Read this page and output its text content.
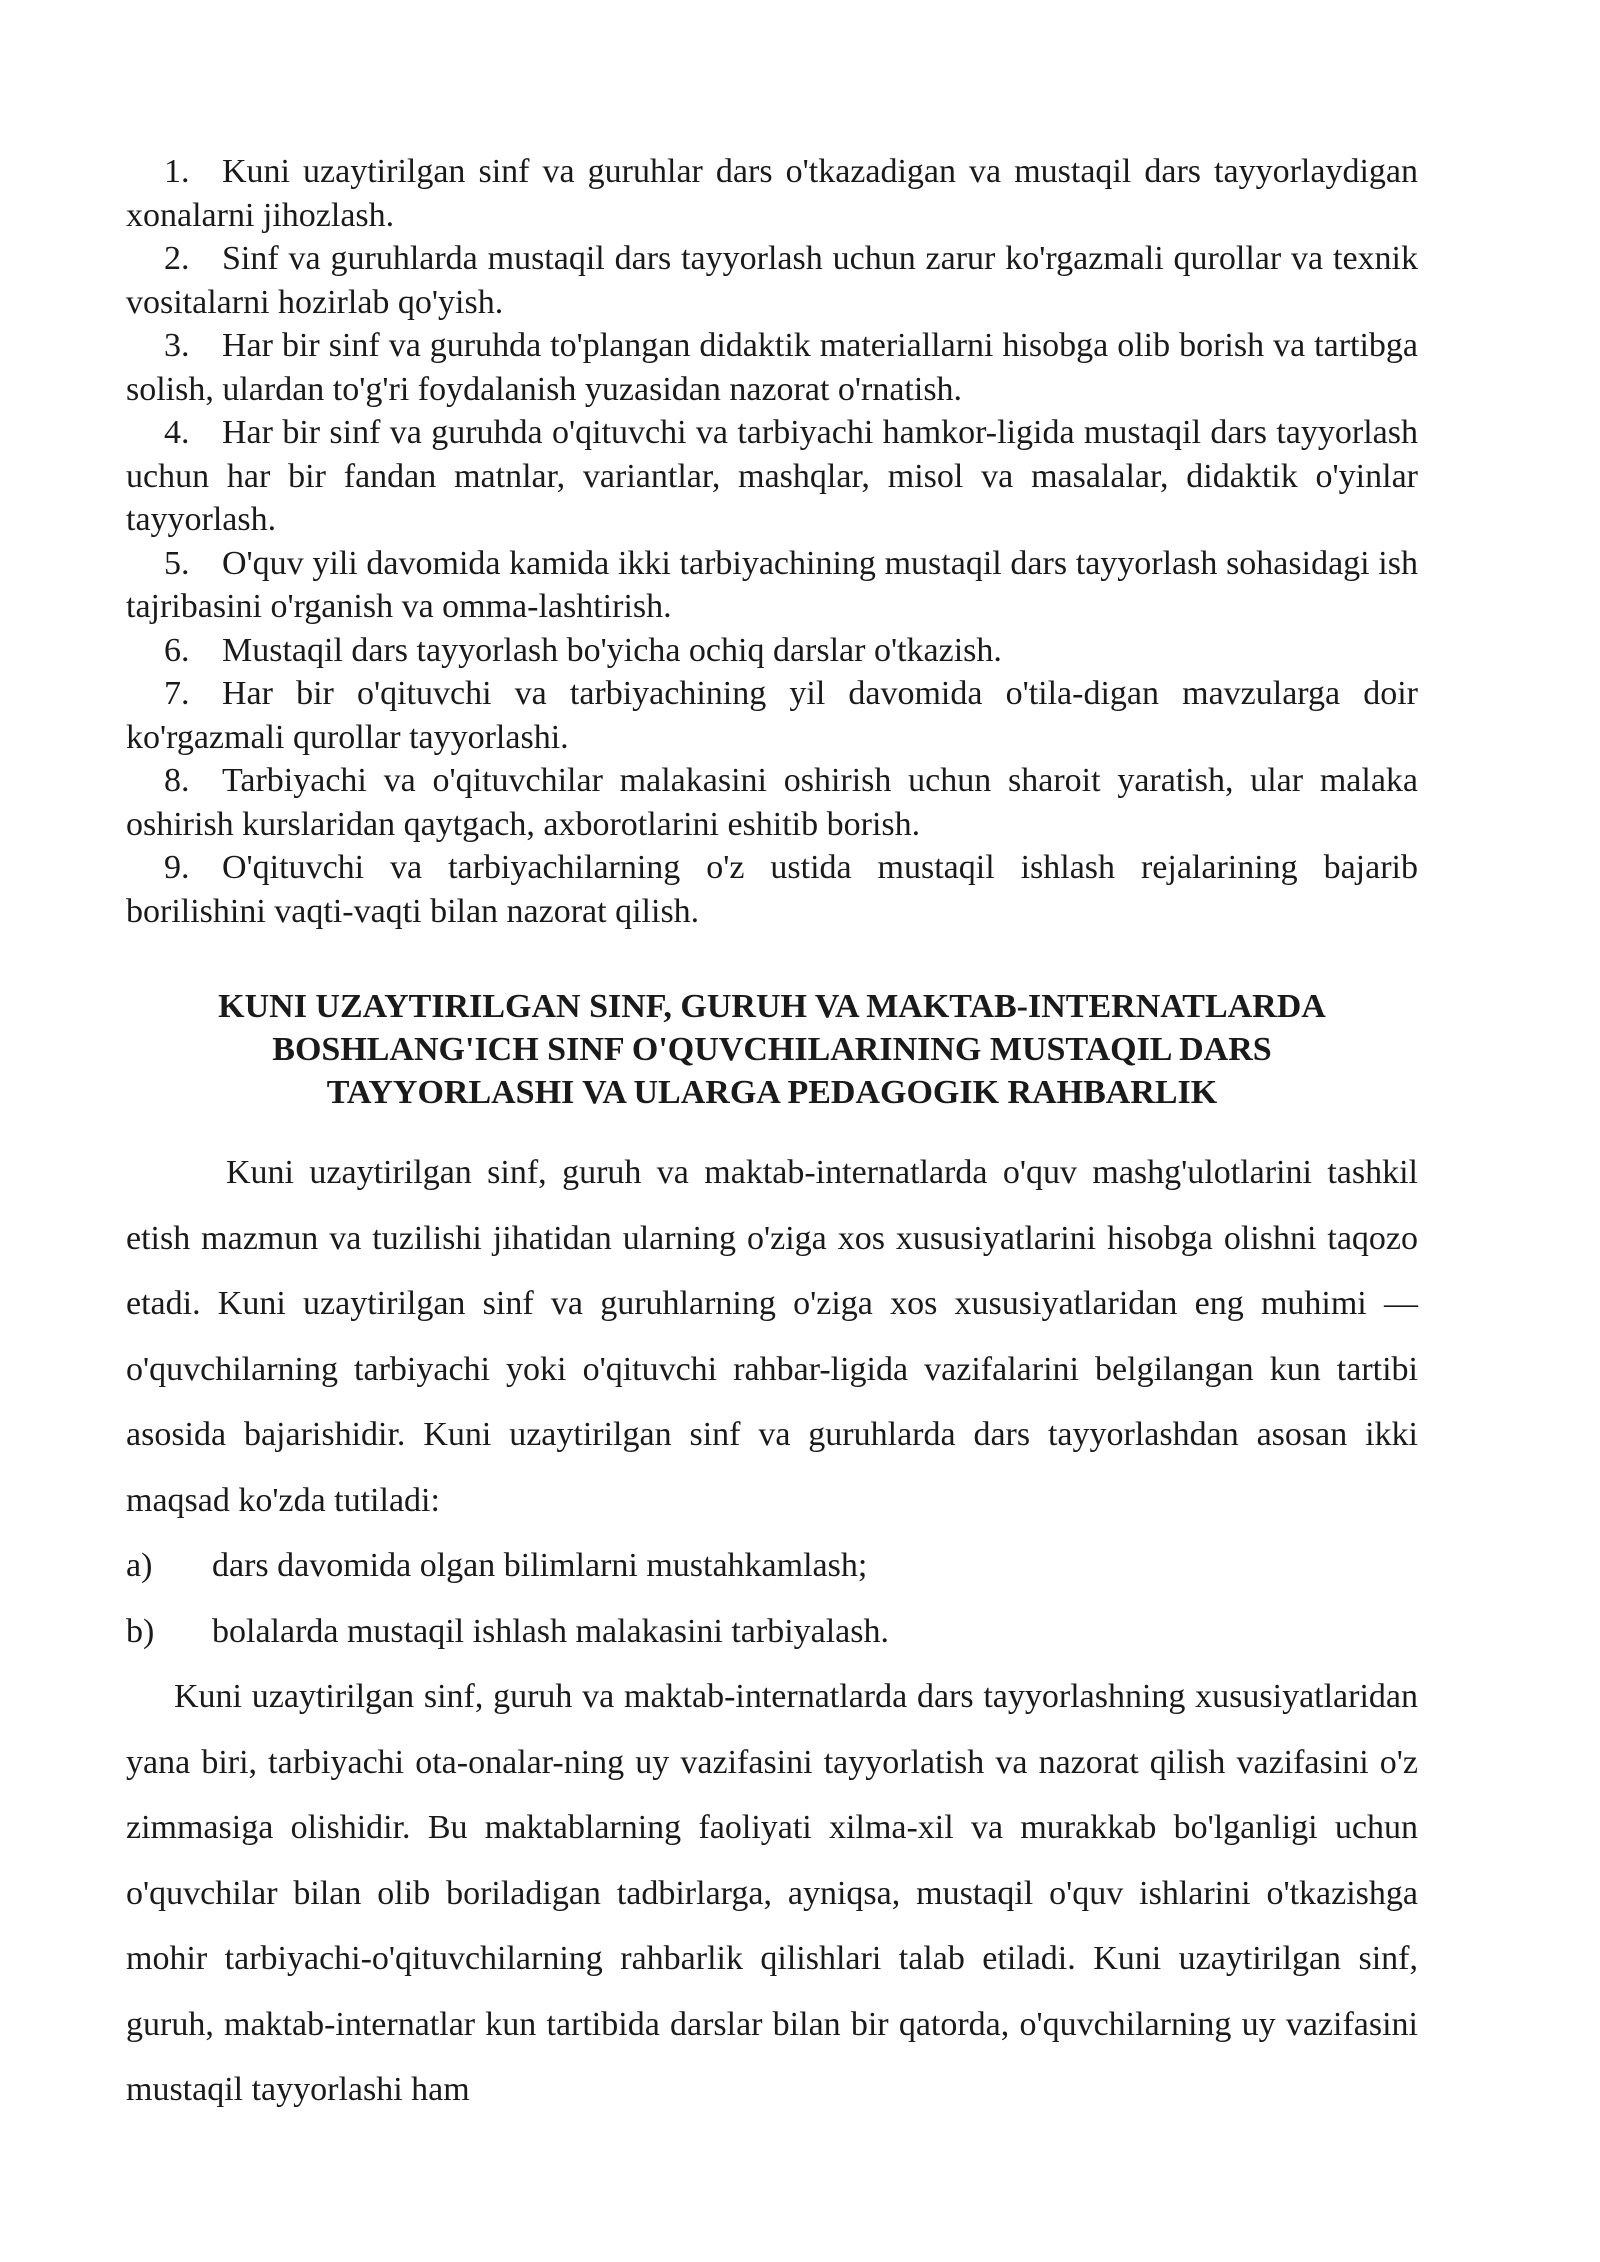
1. Kuni uzaytirilgan sinf va guruhlar dars o'tkazadigan va mustaqil dars tayyorlaydigan xonalarni jihozlash.
2. Sinf va guruhlarda mustaqil dars tayyorlash uchun zarur ko'rgazmali qurollar va texnik vositalarni hozirlab qo'yish.
3. Har bir sinf va guruhda to'plangan didaktik materiallarni hisobga olib borish va tartibga solish, ulardan to'g'ri foydalanish yuzasidan nazorat o'rnatish.
4. Har bir sinf va guruhda o'qituvchi va tarbiyachi hamkor-ligida mustaqil dars tayyorlash uchun har bir fandan matnlar, variantlar, mashqlar, misol va masalalar, didaktik o'yinlar tayyorlash.
5. O'quv yili davomida kamida ikki tarbiyachining mustaqil dars tayyorlash sohasidagi ish tajribasini o'rganish va omma-lashtirish.
6. Mustaqil dars tayyorlash bo'yicha ochiq darslar o'tkazish.
7. Har bir o'qituvchi va tarbiyachining yil davomida o'tila-digan mavzularga doir ko'rgazmali qurollar tayyorlashi.
8. Tarbiyachi va o'qituvchilar malakasini oshirish uchun sharoit yaratish, ular malaka oshirish kurslaridan qaytgach, axborotlarini eshitib borish.
9. O'qituvchi va tarbiyachilarning o'z ustida mustaqil ishlash rejalarining bajarib borilishini vaqti-vaqti bilan nazorat qilish.
KUNI UZAYTIRILGAN SINF, GURUH VA MAKTAB-INTERNATLARDA
BOSHLANG'ICH SINF O'QUVCHILARINING MUSTAQIL DARS
TAYYORLASHI VA ULARGA PEDAGOGIK RAHBARLIK

Kuni uzaytirilgan sinf, guruh va maktab-internatlarda o'quv mashg'ulotlarini tashkil etish mazmun va tuzilishi jihatidan ularning o'ziga xos xususiyatlarini hisobga olishni taqozo etadi. Kuni uzaytirilgan sinf va guruhlarning o'ziga xos xususiyatlaridan eng muhimi — o'quvchilarning tarbiyachi yoki o'qituvchi rahbar-ligida vazifalarini belgilangan kun tartibi asosida bajarishidir. Kuni uzaytirilgan sinf va guruhlarda dars tayyorlashdan asosan ikki maqsad ko'zda tutiladi:

a) dars davomida olgan bilimlarni mustahkamlash;
b) bolalarda mustaqil ishlash malakasini tarbiyalash.

Kuni uzaytirilgan sinf, guruh va maktab-internatlarda dars tayyorlashning xususiyatlaridan yana biri, tarbiyachi ota-onalar-ning uy vazifasini tayyorlatish va nazorat qilish vazifasini o'z zimmasiga olishidir. Bu maktablarning faoliyati xilma-xil va murakkab bo'lganligi uchun o'quvchilar bilan olib boriladigan tadbirlarga, ayniqsa, mustaqil o'quv ishlarini o'tkazishga mohir tarbiyachi-o'qituvchilarning rahbarlik qilishlari talab etiladi. Kuni uzaytirilgan sinf, guruh, maktab-internatlar kun tartibida darslar bilan bir qatorda, o'quvchilarning uy vazifasini mustaqil tayyorlashi ham
